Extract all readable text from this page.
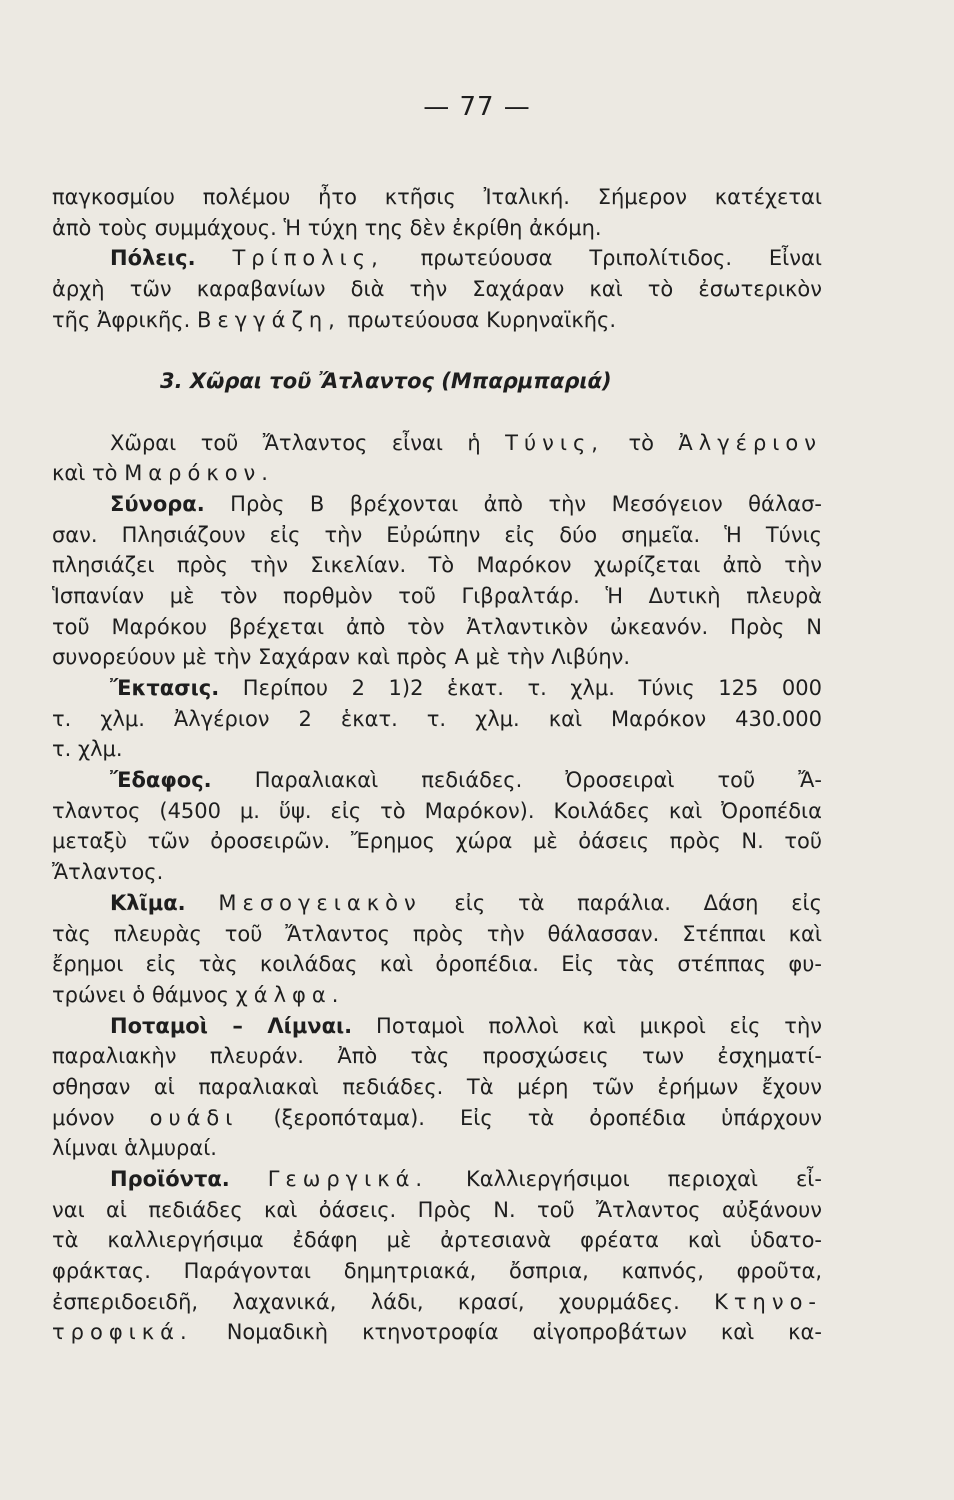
— 77 —
παγκοσμίου πολέμου ἦτο κτῆσις Ἰταλική. Σήμερον κατέχεται
ἀπὸ τοὺς συμμάχους. Ἡ τύχη της δὲν ἐκρίθη ἀκόμη.
Πόλεις. Τρίπολις, πρωτεύουσα Τριπολίτιδος. Εἶναι
ἀρχὴ τῶν καραβανίων διὰ τὴν Σαχάραν καὶ τὸ ἐσωτερικὸν
τῆς Ἀφρικῆς. Βεγγάζη, πρωτεύουσα Κυρηναϊκῆς.
3. Χῶραι τοῦ Ἄτλαντος (Μπαρμπαριά)
Χῶραι τοῦ Ἄτλαντος εἶναι ἡ Τύνις, τὸ Ἀλγέριον
καὶ τὸ Μαρόκον.
Σύνορα. Πρὸς Β βρέχονται ἀπὸ τὴν Μεσόγειον θάλασ-
σαν. Πλησιάζουν εἰς τὴν Εὐρώπην εἰς δύο σημεῖα. Ἡ Τύνις
πλησιάζει πρὸς τὴν Σικελίαν. Τὸ Μαρόκον χωρίζεται ἀπὸ τὴν
Ἱσπανίαν μὲ τὸν πορθμὸν τοῦ Γιβραλτάρ. Ἡ Δυτικὴ πλευρὰ
τοῦ Μαρόκου βρέχεται ἀπὸ τὸν Ἀτλαντικὸν ὠκεανόν. Πρὸς Ν
συνορεύουν μὲ τὴν Σαχάραν καὶ πρὸς Α μὲ τὴν Λιβύην.
Ἔκτασις. Περίπου 2 1)2 ἑκατ. τ. χλμ. Τύνις 125 000
τ. χλμ. Ἀλγέριον 2 ἑκατ. τ. χλμ. καὶ Μαρόκον 430.000
τ. χλμ.
Ἔδαφος. Παραλιακαὶ πεδιάδες. Ὀροσειραὶ τοῦ Ἄ-
τλαντος (4500 μ. ὕψ. εἰς τὸ Μαρόκον). Κοιλάδες καὶ Ὀροπέδια
μεταξὺ τῶν ὀροσειρῶν. Ἔρημος χώρα μὲ ὀάσεις πρὸς Ν. τοῦ
Ἄτλαντος.
Κλῖμα. Μεσογειακὸν εἰς τὰ παράλια. Δάση εἰς
τὰς πλευρὰς τοῦ Ἄτλαντος πρὸς τὴν θάλασσαν. Στέππαι καὶ
ἔρημοι εἰς τὰς κοιλάδας καὶ ὀροπέδια. Εἰς τὰς στέππας φυ-
τρώνει ὁ θάμνος χάλφα.
Ποταμοὶ – Λίμναι. Ποταμοὶ πολλοὶ καὶ μικροὶ εἰς τὴν
παραλιακὴν πλευράν. Ἀπὸ τὰς προσχώσεις των ἐσχηματί-
σθησαν αἱ παραλιακαὶ πεδιάδες. Τὰ μέρη τῶν ἐρήμων ἔχουν
μόνον ουάδι (ξεροπόταμα). Εἰς τὰ ὀροπέδια ὑπάρχουν
λίμναι ἁλμυραί.
Προϊόντα. Γεωργικά. Καλλιεργήσιμοι περιοχαὶ εἶ-
ναι αἱ πεδιάδες καὶ ὀάσεις. Πρὸς Ν. τοῦ Ἄτλαντος αὐξάνουν
τὰ καλλιεργήσιμα ἐδάφη μὲ ἀρτεσιανὰ φρέατα καὶ ὑδατο-
φράκτας. Παράγονται δημητριακά, ὄσπρια, καπνός, φροῦτα,
ἐσπεριδοειδῆ, λαχανικά, λάδι, κρασί, χουρμάδες. Κτηνο-
τροφικά. Νομαδικὴ κτηνοτροφία αἰγοπροβάτων καὶ κα-
